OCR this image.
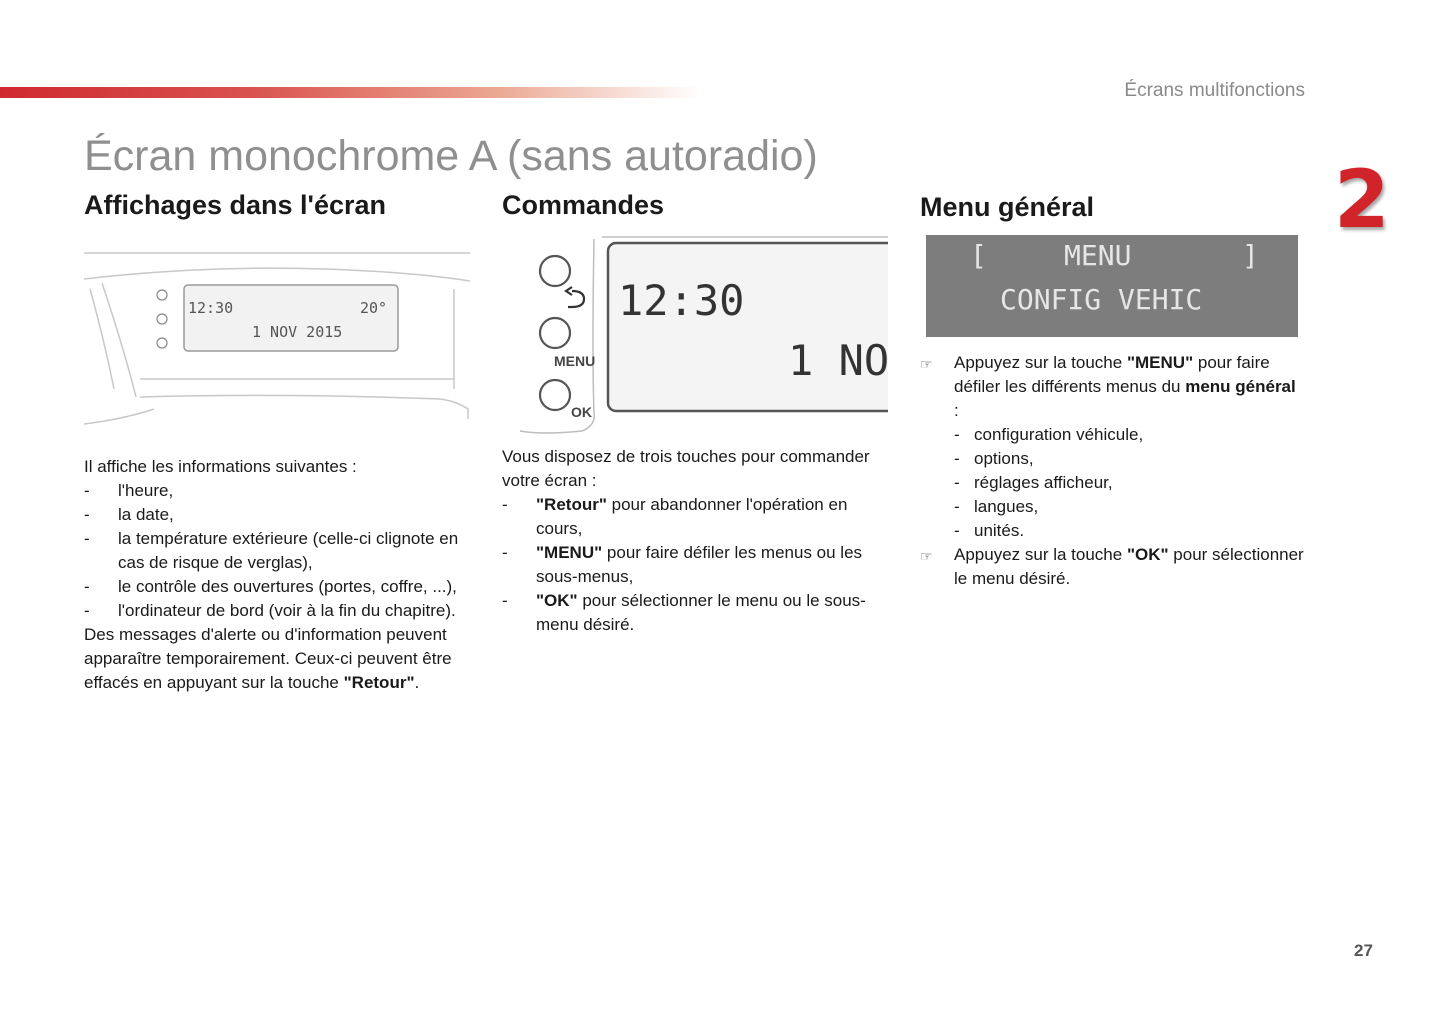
Écrans multifonctions
2
Écran monochrome A (sans autoradio)
Affichages dans l'écran
12:30	20°
1 NOV 2015

Il affiche les informations suivantes :

- l'heure,
- la date,
- la température extérieure (celle-ci clignote en cas de risque de verglas),
- le contrôle des ouvertures (portes, coffre, ...),
- l'ordinateur de bord (voir à la fin du chapitre).

Des messages d'alerte ou d'information peuvent apparaître temporairement. Ceux-ci peuvent être effacés en appuyant sur la touche "Retour".

Commandes
MENU
OK
12:30
1 NO

Vous disposez de trois touches pour commander votre écran :

- "Retour" pour abandonner l'opération en cours,
- "MENU" pour faire défiler les menus ou les sous-menus,
- "OK" pour sélectionner le menu ou le sous-menu désiré.
Menu général
[	MENU	]
CONFIG VEHIC
☞ Appuyez sur la touche "MENU" pour faire défiler les différents menus du menu général :
- configuration véhicule,
- options,
- réglages afficheur,
- langues,
- unités.
☞ Appuyez sur la touche "OK" pour sélectionner le menu désiré.
27
